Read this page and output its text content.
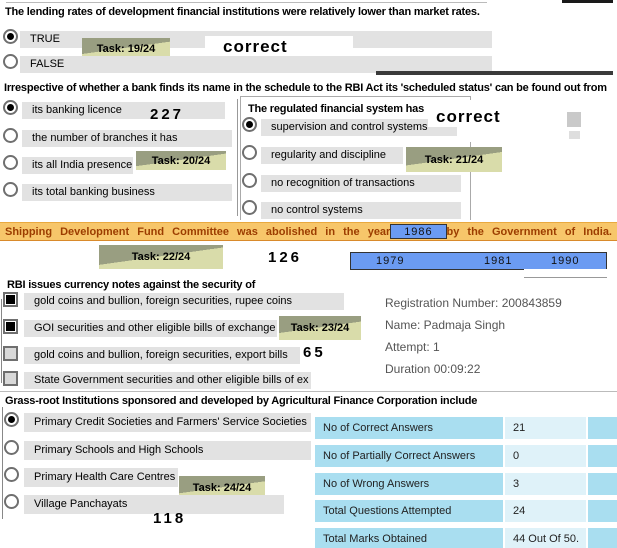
The lending rates of development financial institutions were relatively lower than market rates.
TRUE
Task: 19/24	correct
FALSE
Irrespective of whether a bank finds its name in the schedule to the RBI Act its 'scheduled status' can be found out from
its banking licence	227
the number of branches it has
its all India presence	Task: 20/24
its total banking business
The regulated financial system has
supervision and control systems
correct
regularity and discipline	Task: 21/24
no recognition of transactions
no control systems
Shipping Development Fund Committee was abolished in the year	1986	by the Government of India.
Task: 22/24	126	1979	1981	1990
RBI issues currency notes against the security of
gold coins and bullion, foreign securities, rupee coins
GOI securities and other eligible bills of exchange	Task: 23/24
gold coins and bullion, foreign securities, export bills	65
State Government securities and other eligible bills of ex
Registration Number: 200843859
Name: Padmaja Singh
Attempt: 1
Duration 00:09:22
Grass-root Institutions sponsored and developed by Agricultural Finance Corporation include
Primary Credit Societies and Farmers' Service Societies
Primary Schools and High Schools
Primary Health Care Centres
Task: 24/24
Village Panchayats
118
No of Correct Answers	21
No of Partially Correct Answers	0
No of Wrong Answers	3
Total Questions Attempted	24
Total Marks Obtained	44 Out Of 50.
